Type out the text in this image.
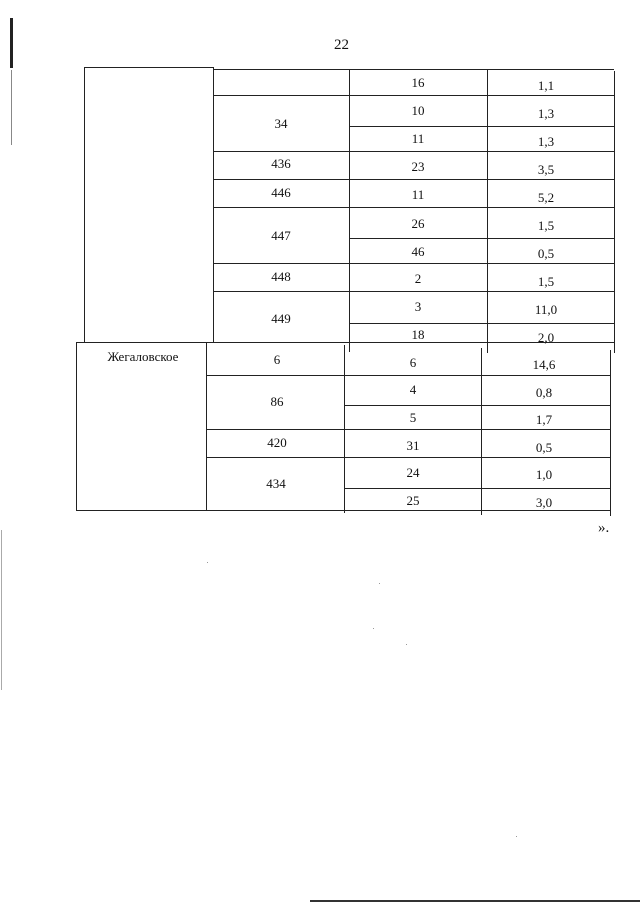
22
Жегаловское
34
436
446
447
448
449
16
10
11
23
11
26
46
2
3
18
1,1
1,3
1,3
3,5
5,2
1,5
0,5
1,5
11,0
2,0
6
86
420
434
6
4
5
31
24
25
14,6
0,8
1,7
0,5
1,0
3,0
».
